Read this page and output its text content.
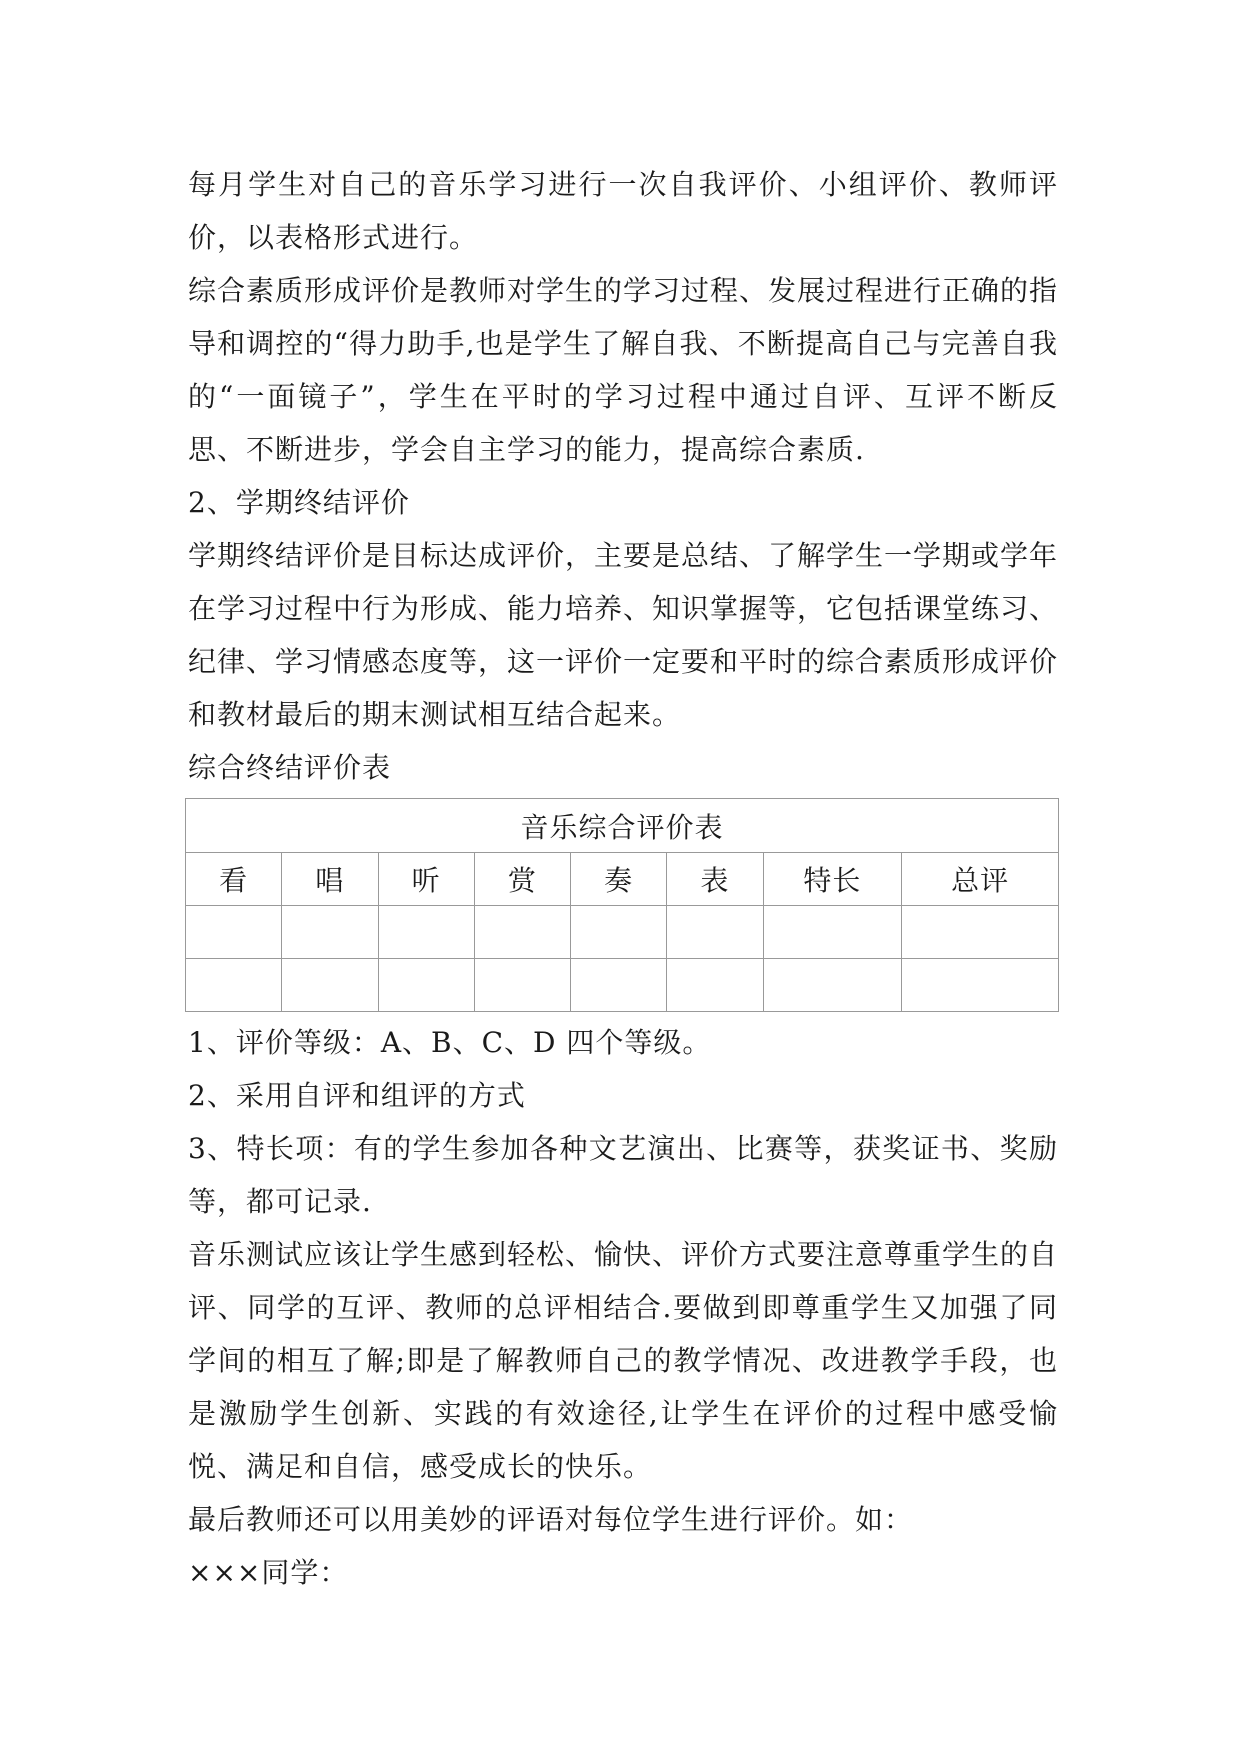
每月学生对自己的音乐学习进行一次自我评价、小组评价、教师评价，以表格形式进行。

综合素质形成评价是教师对学生的学习过程、发展过程进行正确的指导和调控的“得力助手,也是学生了解自我、不断提高自己与完善自我的“一面镜子”，学生在平时的学习过程中通过自评、互评不断反思、不断进步，学会自主学习的能力，提高综合素质.

2、学期终结评价

学期终结评价是目标达成评价，主要是总结、了解学生一学期或学年在学习过程中行为形成、能力培养、知识掌握等，它包括课堂练习、纪律、学习情感态度等，这一评价一定要和平时的综合素质形成评价和教材最后的期末测试相互结合起来。

综合终结评价表

音乐综合评价表							
看	唱	听	赏	奏	表	特长	总评

1、评价等级：A、B、C、D 四个等级。

2、采用自评和组评的方式

3、特长项：有的学生参加各种文艺演出、比赛等，获奖证书、奖励等，都可记录.

音乐测试应该让学生感到轻松、愉快、评价方式要注意尊重学生的自评、同学的互评、教师的总评相结合.要做到即尊重学生又加强了同学间的相互了解;即是了解教师自己的教学情况、改进教学手段，也是激励学生创新、实践的有效途径,让学生在评价的过程中感受愉悦、满足和自信，感受成长的快乐。

最后教师还可以用美妙的评语对每位学生进行评价。如：

×××同学：
